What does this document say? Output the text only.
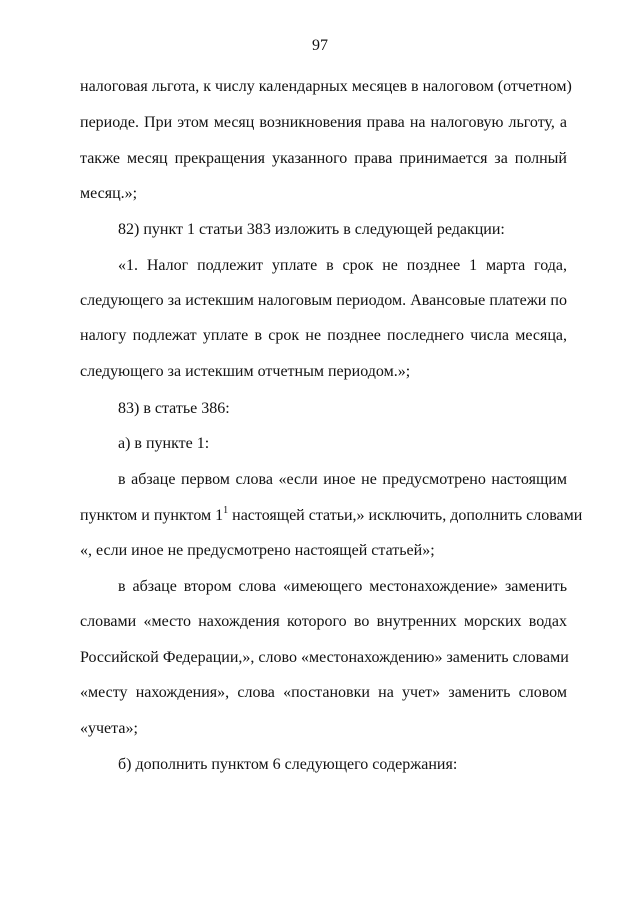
97
налоговая льгота, к числу календарных месяцев в налоговом (отчетном)
периоде. При этом месяц возникновения права на налоговую льготу, а
также месяц прекращения указанного права принимается за полный
месяц.»;
82) пункт 1 статьи 383 изложить в следующей редакции:
«1. Налог подлежит уплате в срок не позднее 1 марта года,
следующего за истекшим налоговым периодом. Авансовые платежи по
налогу подлежат уплате в срок не позднее последнего числа месяца,
следующего за истекшим отчетным периодом.»;
83) в статье 386:
а) в пункте 1:
в абзаце первом слова «если иное не предусмотрено настоящим
пунктом и пунктом $1^1$ настоящей статьи,» исключить, дополнить словами
«, если иное не предусмотрено настоящей статьей»;
в абзаце втором слова «имеющего местонахождение» заменить
словами «место нахождения которого во внутренних морских водах
Российской Федерации,», слово «местонахождению» заменить словами
«месту нахождения», слова «постановки на учет» заменить словом
«учета»;
б) дополнить пунктом 6 следующего содержания:
